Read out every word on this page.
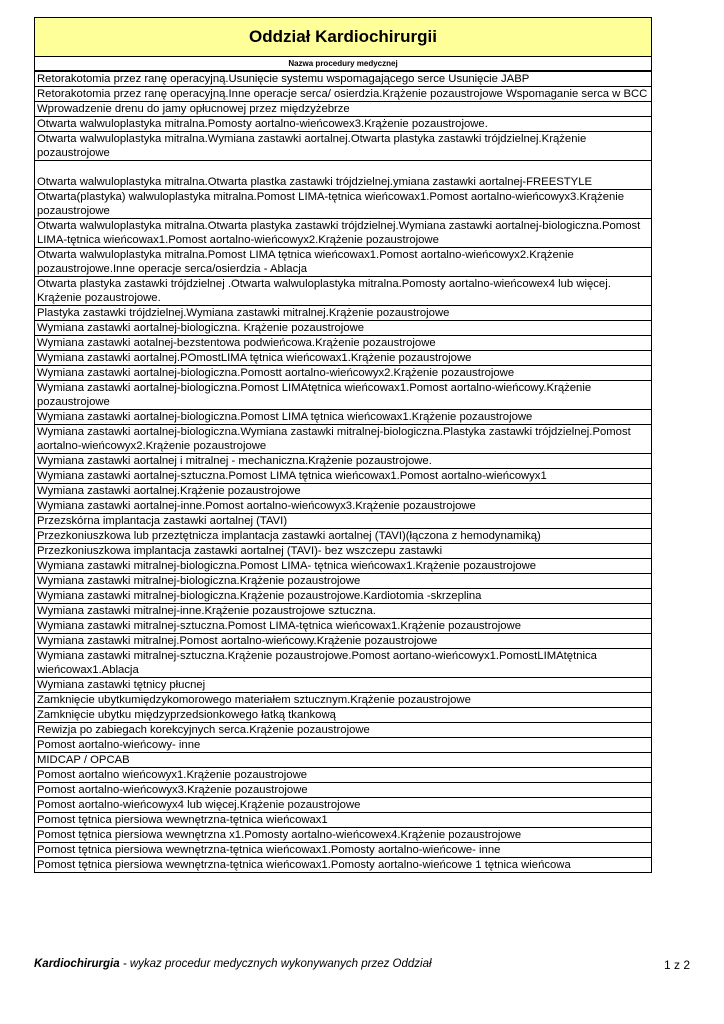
Oddział Kardiochirurgii
Nazwa procedury medycznej
Retorakotomia przez ranę operacyjną.Usunięcie systemu wspomagającego serce Usunięcie JABP
Retorakotomia przez ranę operacyjną.Inne operacje serca/ osierdzia.Krążenie pozaustrojowe Wspomaganie serca w BCC
Wprowadzenie drenu do jamy opłucnowej przez międzyżebrze
Otwarta walwuloplastyka mitralna.Pomosty aortalno-wieńcowex3.Krążenie pozaustrojowe.
Otwarta walwuloplastyka mitralna.Wymiana zastawki aortalnej.Otwarta plastyka zastawki trójdzielnej.Krążenie pozaustrojowe
Otwarta walwuloplastyka mitralna.Otwarta plastka zastawki trójdzielnej.ymiana zastawki aortalnej-FREESTYLE
Otwarta(plastyka) walwuloplastyka mitralna.Pomost LIMA-tętnica wieńcowax1.Pomost aortalno-wieńcowyx3.Krążenie pozaustrojowe
Otwarta walwuloplastyka mitralna.Otwarta plastyka zastawki trójdzielnej.Wymiana zastawki aortalnej-biologiczna.Pomost LIMA-tętnica wieńcowax1.Pomost aortalno-wieńcowyx2.Krążenie pozaustrojowe
Otwarta walwuloplastyka mitralna.Pomost LIMA tętnica wieńcowax1.Pomost aortalno-wieńcowyx2.Krążenie pozaustrojowe.Inne operacje serca/osierdzia - Ablacja
Otwarta plastyka zastawki trójdzielnej .Otwarta walwuloplastyka mitralna.Pomosty aortalno-wieńcowex4 lub więcej. Krążenie pozaustrojowe.
Plastyka zastawki trójdzielnej.Wymiana zastawki mitralnej.Krążenie pozaustrojowe
Wymiana zastawki aortalnej-biologiczna. Krążenie pozaustrojowe
Wymiana zastawki aotalnej-bezstentowa podwieńcowa.Krążenie pozaustrojowe
Wymiana zastawki aortalnej.POmostLIMA tętnica wieńcowax1.Krążenie pozaustrojowe
Wymiana zastawki aortalnej-biologiczna.Pomostt aortalno-wieńcowyx2.Krążenie pozaustrojowe
Wymiana zastawki aortalnej-biologiczna.Pomost LIMAtętnica wieńcowax1.Pomost aortalno-wieńcowy.Krążenie pozaustrojowe
Wymiana zastawki aortalnej-biologiczna.Pomost LIMA tętnica wieńcowax1.Krążenie pozaustrojowe
Wymiana zastawki aortalnej-biologiczna.Wymiana zastawki mitralnej-biologiczna.Plastyka zastawki trójdzielnej.Pomost aortalno-wieńcowyx2.Krążenie pozaustrojowe
Wymiana zastawki aortalnej i mitralnej - mechaniczna.Krążenie pozaustrojowe.
Wymiana zastawki aortalnej-sztuczna.Pomost LIMA tętnica wieńcowax1.Pomost aortalno-wieńcowyx1
Wymiana zastawki aortalnej.Krążenie pozaustrojowe
Wymiana zastawki aortalnej-inne.Pomost aortalno-wieńcowyx3.Krążenie pozaustrojowe
Przezskórna implantacja zastawki aortalnej (TAVI)
Przezkoniuszkowa lub przeztętnicza implantacja zastawki aortalnej (TAVI)(łączona z hemodynamiką)
Przezkoniuszkowa implantacja zastawki aortalnej (TAVI)- bez wszczepu zastawki
Wymiana zastawki mitralnej-biologiczna.Pomost LIMA- tętnica wieńcowax1.Krążenie pozaustrojowe
Wymiana zastawki mitralnej-biologiczna.Krążenie pozaustrojowe
Wymiana zastawki mitralnej-biologiczna.Krążenie pozaustrojowe.Kardiotomia -skrzeplina
Wymiana zastawki mitralnej-inne.Krążenie pozaustrojowe sztuczna.
Wymiana zastawki mitralnej-sztuczna.Pomost LIMA-tętnica wieńcowax1.Krążenie pozaustrojowe
Wymiana zastawki mitralnej.Pomost aortalno-wieńcowy.Krążenie pozaustrojowe
Wymiana zastawki mitralnej-sztuczna.Krążenie pozaustrojowe.Pomost aortano-wieńcowyx1.PomostLIMAtętnica wieńcowax1.Ablacja
Wymiana zastawki tętnicy płucnej
Zamknięcie ubytkumiędzykomorowego materiałem sztucznym.Krążenie pozaustrojowe
Zamknięcie ubytku międzyprzedsionkowego łatką tkankową
Rewizja po zabiegach korekcyjnych serca.Krążenie pozaustrojowe
Pomost aortalno-wieńcowy- inne
MIDCAP / OPCAB
Pomost aortalno wieńcowyx1.Krążenie pozaustrojowe
Pomost aortalno-wieńcowyx3.Krążenie pozaustrojowe
Pomost aortalno-wieńcowyx4 lub więcej.Krążenie pozaustrojowe
Pomost tętnica piersiowa wewnętrzna-tętnica wieńcowax1
Pomost tętnica piersiowa wewnętrzna x1.Pomosty aortalno-wieńcowex4.Krążenie pozaustrojowe
Pomost tętnica piersiowa wewnętrzna-tętnica wieńcowax1.Pomosty aortalno-wieńcowe- inne
Pomost tętnica piersiowa wewnętrzna-tętnica wieńcowax1.Pomosty aortalno-wieńcowe 1 tętnica wieńcowa
Kardiochirurgia - wykaz procedur medycznych wykonywanych przez Oddział	1 z 2
